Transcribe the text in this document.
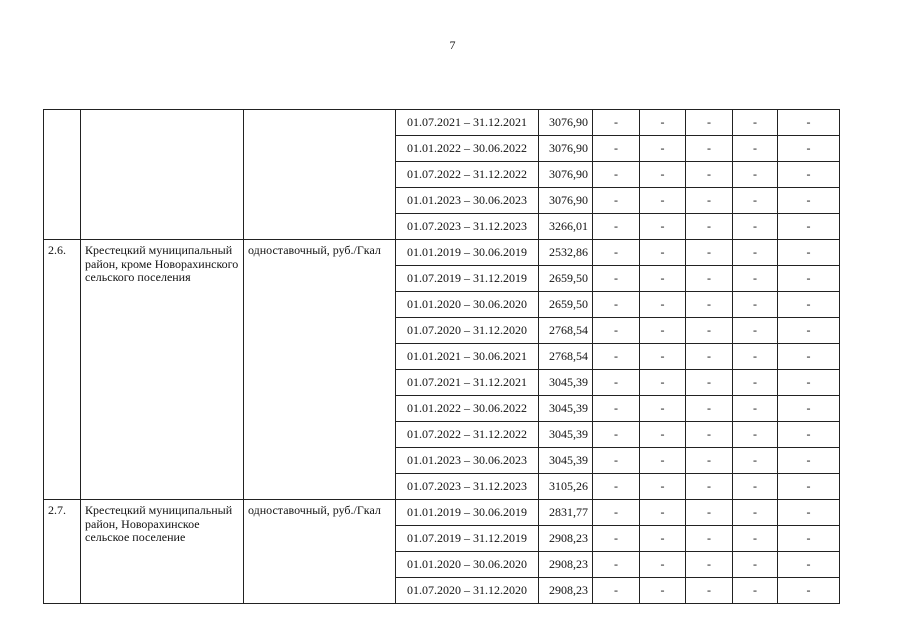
7
			01.07.2021 – 31.12.2021	3076,90	-	-	-	-	-
			01.01.2022 – 30.06.2022	3076,90	-	-	-	-	-
			01.07.2022 – 31.12.2022	3076,90	-	-	-	-	-
			01.01.2023 – 30.06.2023	3076,90	-	-	-	-	-
			01.07.2023 – 31.12.2023	3266,01	-	-	-	-	-
2.6.	Крестецкий муниципальный район, кроме Новорахинского сельского поселения	одноставочный, руб./Гкал	01.01.2019 – 30.06.2019	2532,86	-	-	-	-	-
			01.07.2019 – 31.12.2019	2659,50	-	-	-	-	-
			01.01.2020 – 30.06.2020	2659,50	-	-	-	-	-
			01.07.2020 – 31.12.2020	2768,54	-	-	-	-	-
			01.01.2021 – 30.06.2021	2768,54	-	-	-	-	-
			01.07.2021 – 31.12.2021	3045,39	-	-	-	-	-
			01.01.2022 – 30.06.2022	3045,39	-	-	-	-	-
			01.07.2022 – 31.12.2022	3045,39	-	-	-	-	-
			01.01.2023 – 30.06.2023	3045,39	-	-	-	-	-
			01.07.2023 – 31.12.2023	3105,26	-	-	-	-	-
2.7.	Крестецкий муниципальный район, Новорахинское сельское поселение	одноставочный, руб./Гкал	01.01.2019 – 30.06.2019	2831,77	-	-	-	-	-
			01.07.2019 – 31.12.2019	2908,23	-	-	-	-	-
			01.01.2020 – 30.06.2020	2908,23	-	-	-	-	-
			01.07.2020 – 31.12.2020	2908,23	-	-	-	-	-
